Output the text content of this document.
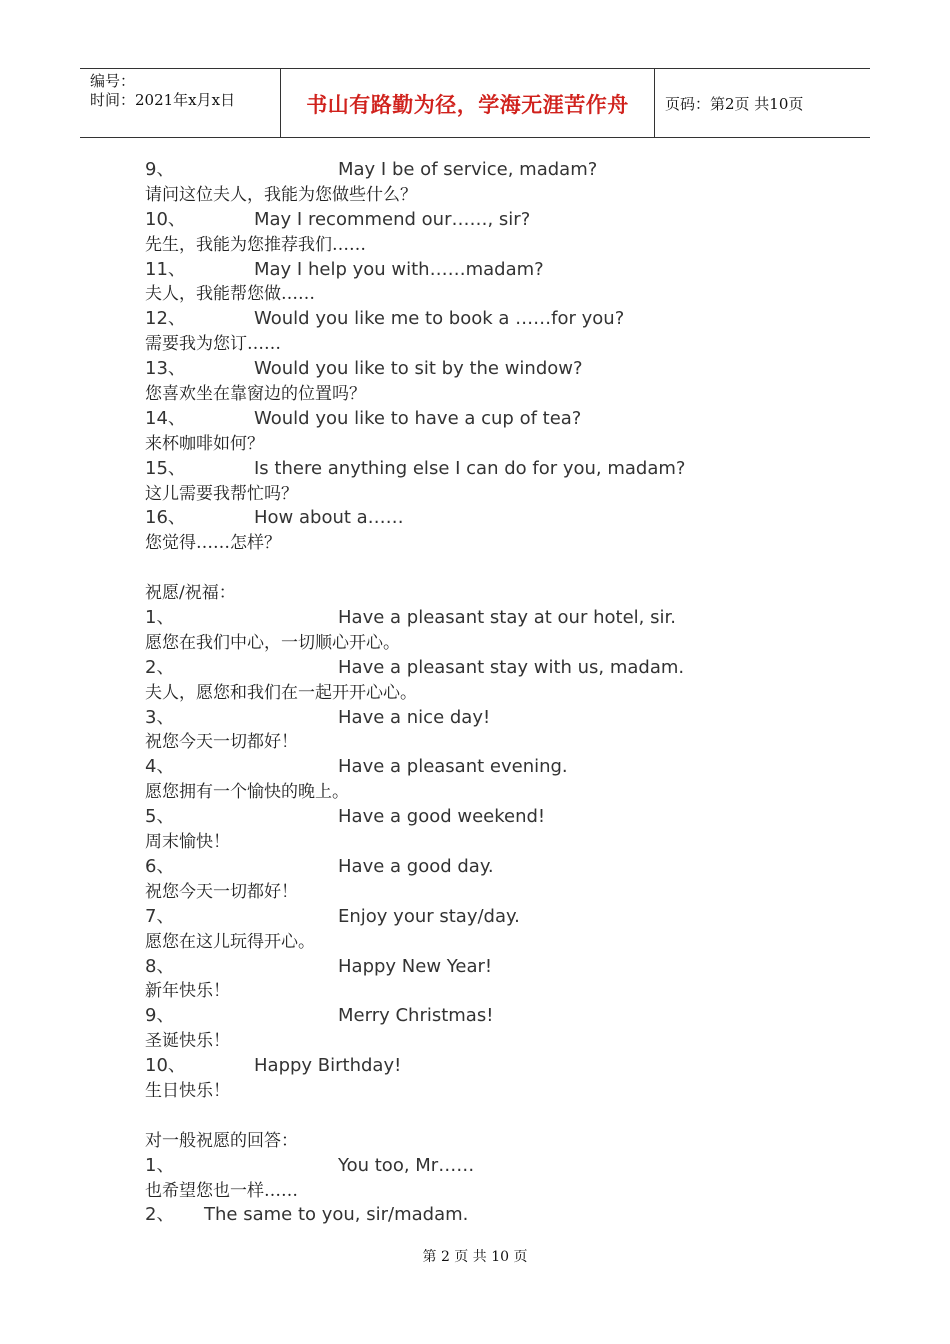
编号：
时间：2021年x月x日	书山有路勤为径，学海无涯苦作舟	页码：第2页 共10页
9、	May I be of service, madam?
请问这位夫人，我能为您做些什么？
10、	May I recommend our……, sir?
先生，我能为您推荐我们……
11、	May I help you with……madam?
夫人，我能帮您做……
12、	Would you like me to book a ……for you?
需要我为您订……
13、	Would you like to sit by the window?
您喜欢坐在靠窗边的位置吗？
14、	Would you like to have a cup of tea?
来杯咖啡如何？
15、	Is there anything else I can do for you, madam?
这儿需要我帮忙吗？
16、	How about a……
您觉得……怎样？
祝愿/祝福：
1、	Have a pleasant stay at our hotel, sir.
愿您在我们中心，一切顺心开心。
2、	Have a pleasant stay with us, madam.
夫人，愿您和我们在一起开开心心。
3、	Have a nice day!
祝您今天一切都好！
4、	Have a pleasant evening.
愿您拥有一个愉快的晚上。
5、	Have a good weekend!
周末愉快！
6、	Have a good day.
祝您今天一切都好！
7、	Enjoy your stay/day.
愿您在这儿玩得开心。
8、	Happy New Year!
新年快乐！
9、	Merry Christmas!
圣诞快乐！
10、	Happy Birthday!
生日快乐！
对一般祝愿的回答：
1、	You too, Mr……
也希望您也一样……
2、 The same to you, sir/madam.
第 2 页 共 10 页
